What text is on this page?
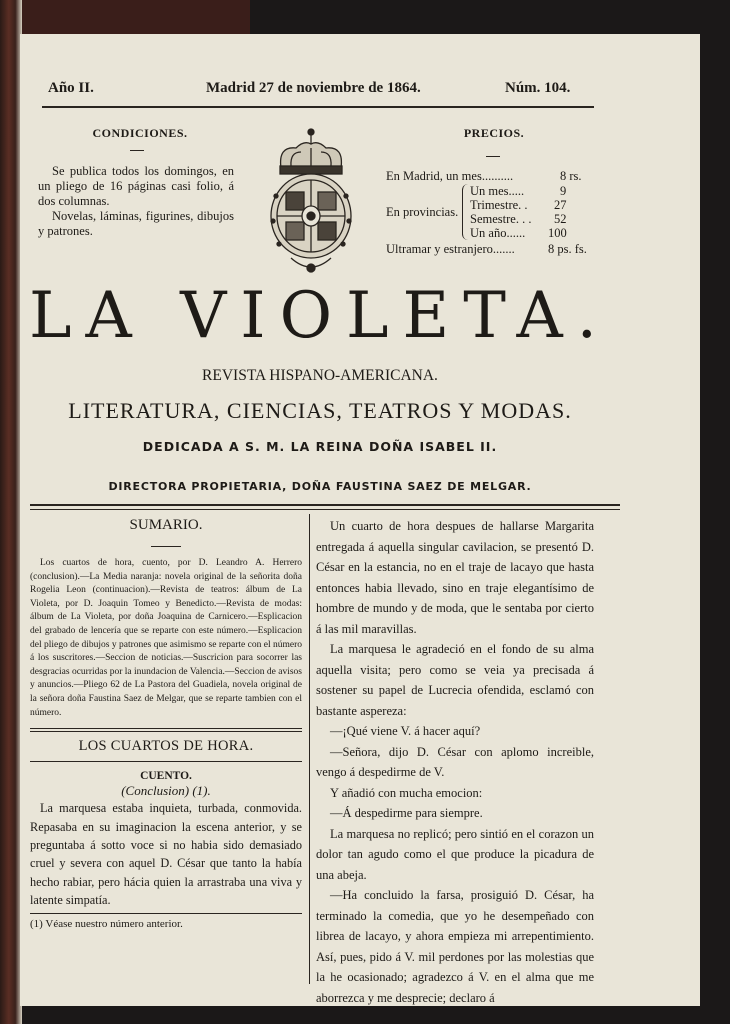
Año II.	Madrid 27 de noviembre de 1864.	Núm. 104.
CONDICIONES.
Se publica todos los domingos, en un pliego de 16 páginas casi folio, á dos columnas.
Novelas, láminas, figurines, dibujos y patrones.
PRECIOS.
En Madrid, un mes..........	8 rs.
En provincias.
Un mes.....	9
Trimestre. . 27
Semestre. . . 52
Un año...... 100
Ultramar y estranjero.......	8 ps. fs.
LA VIOLETA.
REVISTA HISPANO-AMERICANA.
LITERATURA, CIENCIAS, TEATROS Y MODAS.
DEDICADA A S. M. LA REINA DOÑA ISABEL II.
DIRECTORA PROPIETARIA, DOÑA FAUSTINA SAEZ DE MELGAR.
SUMARIO.

Los cuartos de hora, cuento, por D. Leandro A. Herrero (conclusion).—La Media naranja: novela original de la señorita doña Rogelia Leon (continuacion).—Revista de teatros: álbum de La Violeta, por D. Joaquin Tomeo y Benedicto.—Revista de modas: álbum de La Violeta, por doña Joaquina de Carnicero.—Esplicacion del grabado de lencería que se reparte con este número.—Esplicacion del pliego de dibujos y patrones que asimismo se reparte con el número á los suscritores.—Seccion de noticias.—Suscricion para socorrer las desgracias ocurridas por la inundacion de Valencia.—Seccion de avisos y anuncios.—Pliego 62 de La Pastora del Guadiela, novela original de la señora doña Faustina Saez de Melgar, que se reparte tambien con el número.

LOS CUARTOS DE HORA.
CUENTO.
(Conclusion) (1).

La marquesa estaba inquieta, turbada, conmovida. Repasaba en su imaginacion la escena anterior, y se preguntaba á sotto voce si no habia sido demasiado cruel y severa con aquel D. César que tanto la había hecho rabiar, pero hácia quien la arrastraba una viva y latente simpatía.

(1) Véase nuestro número anterior.

Un cuarto de hora despues de hallarse Margarita entregada á aquella singular cavilacion, se presentó D. César en la estancia, no en el traje de lacayo que hasta entonces habia llevado, sino en traje elegantísimo de hombre de mundo y de moda, que le sentaba por cierto á las mil maravillas.

La marquesa le agradeció en el fondo de su alma aquella visita; pero como se veia ya precisada á sostener su papel de Lucrecia ofendida, esclamó con bastante aspereza:

—¡Qué viene V. á hacer aquí?

—Señora, dijo D. César con aplomo increible, vengo á despedirme de V.

Y añadió con mucha emocion:

—Á despedirme para siempre.

La marquesa no replicó; pero sintió en el corazon un dolor tan agudo como el que produce la picadura de una abeja.

—Ha concluido la farsa, prosiguió D. César, ha terminado la comedia, que yo he desempeñado con librea de lacayo, y ahora empieza mi arrepentimiento. Así, pues, pido á V. mil perdones por las molestias que la he ocasionado; agradezco á V. en el alma que me aborrezca y me desprecie; declaro á
